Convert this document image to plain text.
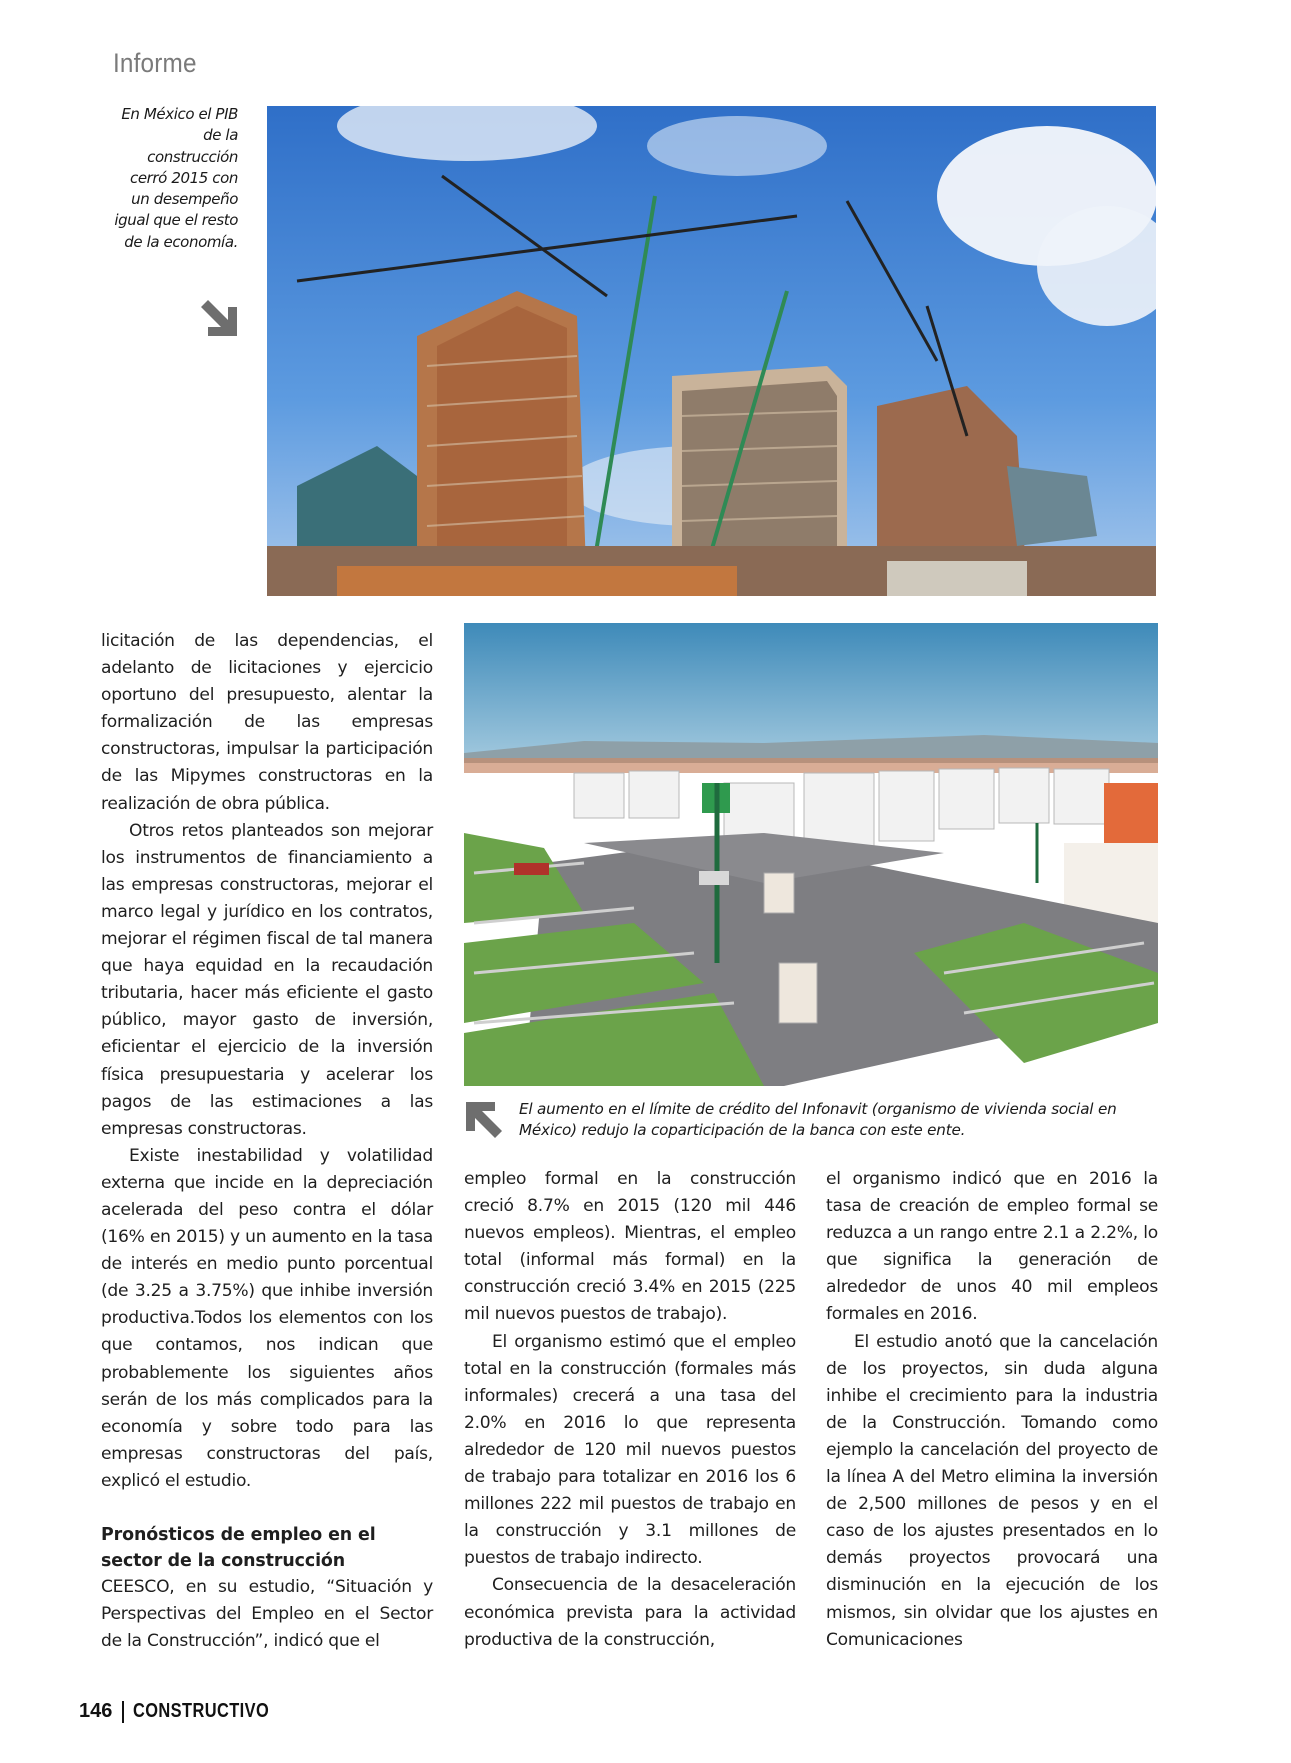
Informe
En México el PIB de la construcción cerró 2015 con un desempeño igual que el resto de la economía.
El aumento en el límite de crédito del Infonavit (organismo de vivienda social en México) redujo la coparticipación de la banca con este ente.

licitación de las dependencias, el adelanto de licitaciones y ejercicio oportuno del presupuesto, alentar la formalización de las empresas constructoras, impulsar la participación de las Mipymes constructoras en la realización de obra pública.

Otros retos planteados son mejorar los instrumentos de financiamiento a las empresas constructoras, mejorar el marco legal y jurídico en los contratos, mejorar el régimen fiscal de tal manera que haya equidad en la recaudación tributaria, hacer más eficiente el gasto público, mayor gasto de inversión, eficientar el ejercicio de la inversión física presupuestaria y acelerar los pagos de las estimaciones a las empresas constructoras.

Existe inestabilidad y volatilidad externa que incide en la depreciación acelerada del peso contra el dólar (16% en 2015) y un aumento en la tasa de interés en medio punto porcentual (de 3.25 a 3.75%) que inhibe inversión productiva.Todos los elementos con los que contamos, nos indican que probablemente los siguientes años serán de los más complicados para la economía y sobre todo para las empresas constructoras del país, explicó el estudio.

Pronósticos de empleo en el sector de la construcción

CEESCO, en su estudio, “Situación y Perspectivas del Empleo en el Sector de la Construcción”, indicó que el

empleo formal en la construcción creció 8.7% en 2015 (120 mil 446 nuevos empleos). Mientras, el empleo total (informal más formal) en la construcción creció 3.4% en 2015 (225 mil nuevos puestos de trabajo).

El organismo estimó que el empleo total en la construcción (formales más informales) crecerá a una tasa del 2.0% en 2016 lo que representa alrededor de 120 mil nuevos puestos de trabajo para totalizar en 2016 los 6 millones 222 mil puestos de trabajo en la construcción y 3.1 millones de puestos de trabajo indirecto.

Consecuencia de la desaceleración económica prevista para la actividad productiva de la construcción,

el organismo indicó que en 2016 la tasa de creación de empleo formal se reduzca a un rango entre 2.1 a 2.2%, lo que significa la generación de alrededor de unos 40 mil empleos formales en 2016.

El estudio anotó que la cancelación de los proyectos, sin duda alguna inhibe el crecimiento para la industria de la Construcción. Tomando como ejemplo la cancelación del proyecto de la línea A del Metro elimina la inversión de 2,500 millones de pesos y en el caso de los ajustes presentados en lo demás proyectos provocará una disminución en la ejecución de los mismos, sin olvidar que los ajustes en Comunicaciones

146 CONSTRUCTIVO
